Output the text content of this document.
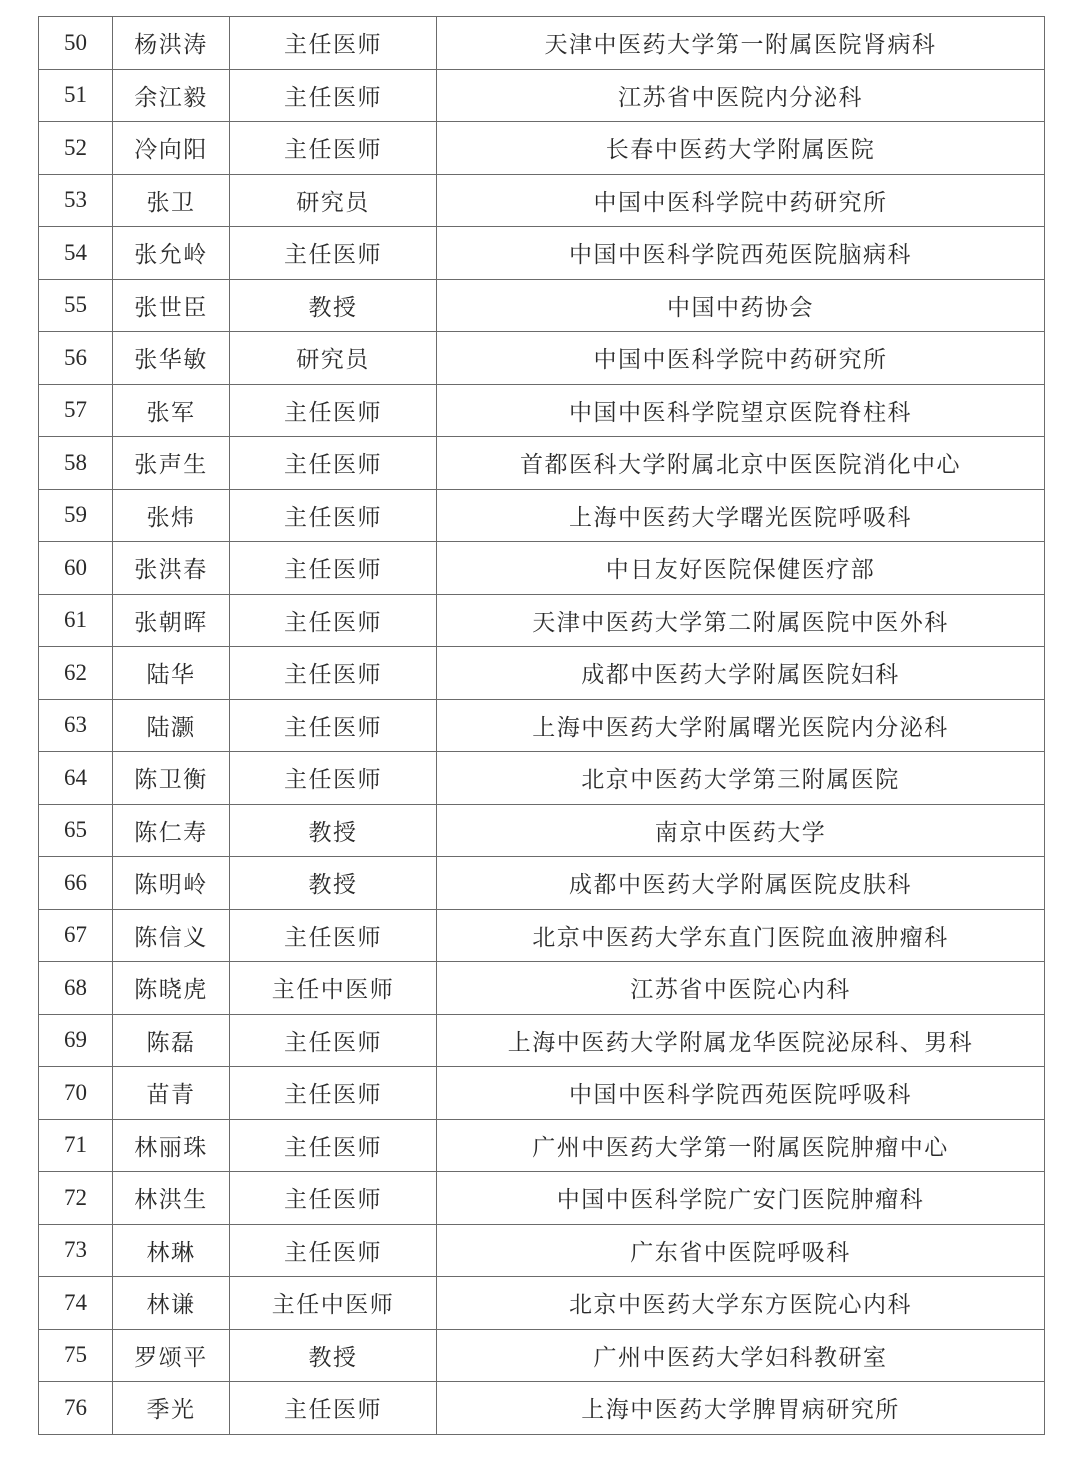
50	杨洪涛	主任医师	天津中医药大学第一附属医院肾病科
51	余江毅	主任医师	江苏省中医院内分泌科
52	冷向阳	主任医师	长春中医药大学附属医院
53	张卫	研究员	中国中医科学院中药研究所
54	张允岭	主任医师	中国中医科学院西苑医院脑病科
55	张世臣	教授	中国中药协会
56	张华敏	研究员	中国中医科学院中药研究所
57	张军	主任医师	中国中医科学院望京医院脊柱科
58	张声生	主任医师	首都医科大学附属北京中医医院消化中心
59	张炜	主任医师	上海中医药大学曙光医院呼吸科
60	张洪春	主任医师	中日友好医院保健医疗部
61	张朝晖	主任医师	天津中医药大学第二附属医院中医外科
62	陆华	主任医师	成都中医药大学附属医院妇科
63	陆灏	主任医师	上海中医药大学附属曙光医院内分泌科
64	陈卫衡	主任医师	北京中医药大学第三附属医院
65	陈仁寿	教授	南京中医药大学
66	陈明岭	教授	成都中医药大学附属医院皮肤科
67	陈信义	主任医师	北京中医药大学东直门医院血液肿瘤科
68	陈晓虎	主任中医师	江苏省中医院心内科
69	陈磊	主任医师	上海中医药大学附属龙华医院泌尿科、男科
70	苗青	主任医师	中国中医科学院西苑医院呼吸科
71	林丽珠	主任医师	广州中医药大学第一附属医院肿瘤中心
72	林洪生	主任医师	中国中医科学院广安门医院肿瘤科
73	林琳	主任医师	广东省中医院呼吸科
74	林谦	主任中医师	北京中医药大学东方医院心内科
75	罗颂平	教授	广州中医药大学妇科教研室
76	季光	主任医师	上海中医药大学脾胃病研究所
